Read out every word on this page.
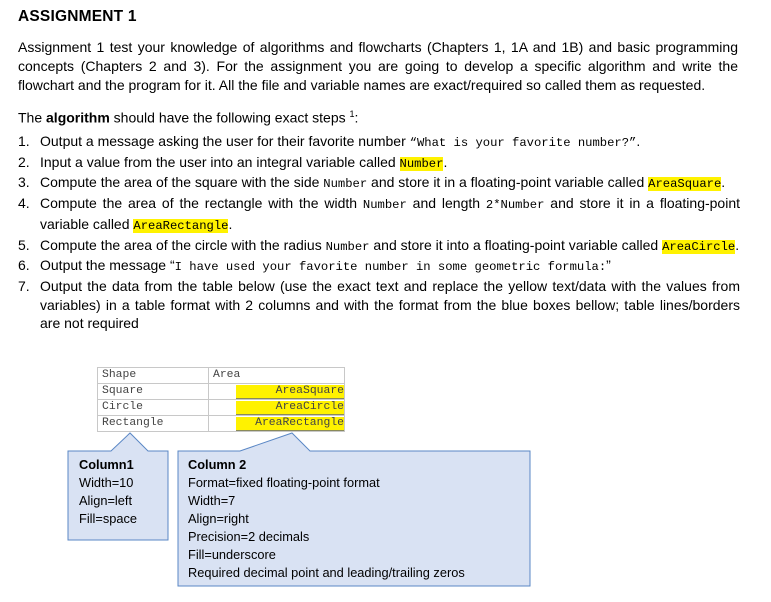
ASSIGNMENT 1
Assignment 1 test your knowledge of algorithms and flowcharts (Chapters 1, 1A and 1B) and basic programming concepts (Chapters 2 and 3). For the assignment you are going to develop a specific algorithm and write the flowchart and the program for it. All the file and variable names are exact/required so called them as requested.
The algorithm should have the following exact steps $^1$:
1. Output a message asking the user for their favorite number “What is your favorite number?”.
2. Input a value from the user into an integral variable called Number.
3. Compute the area of the square with the side Number and store it in a floating-point variable called AreaSquare.
4. Compute the area of the rectangle with the width Number and length 2*Number and store it in a floating-point variable called AreaRectangle.
5. Compute the area of the circle with the radius Number and store it into a floating-point variable called AreaCircle.
6. Output the message “I have used your favorite number in some geometric formula:”
7. Output the data from the table below (use the exact text and replace the yellow text/data with the values from variables) in a table format with 2 columns and with the format from the blue boxes bellow; table lines/borders are not required
Shape	Area
Square	AreaSquare
Circle	AreaCircle
Rectangle	AreaRectangle
Column1
Width=10
Align=left
Fill=space
Column 2
Format=fixed floating-point format
Width=7
Align=right
Precision=2 decimals
Fill=underscore
Required decimal point and leading/trailing zeros
